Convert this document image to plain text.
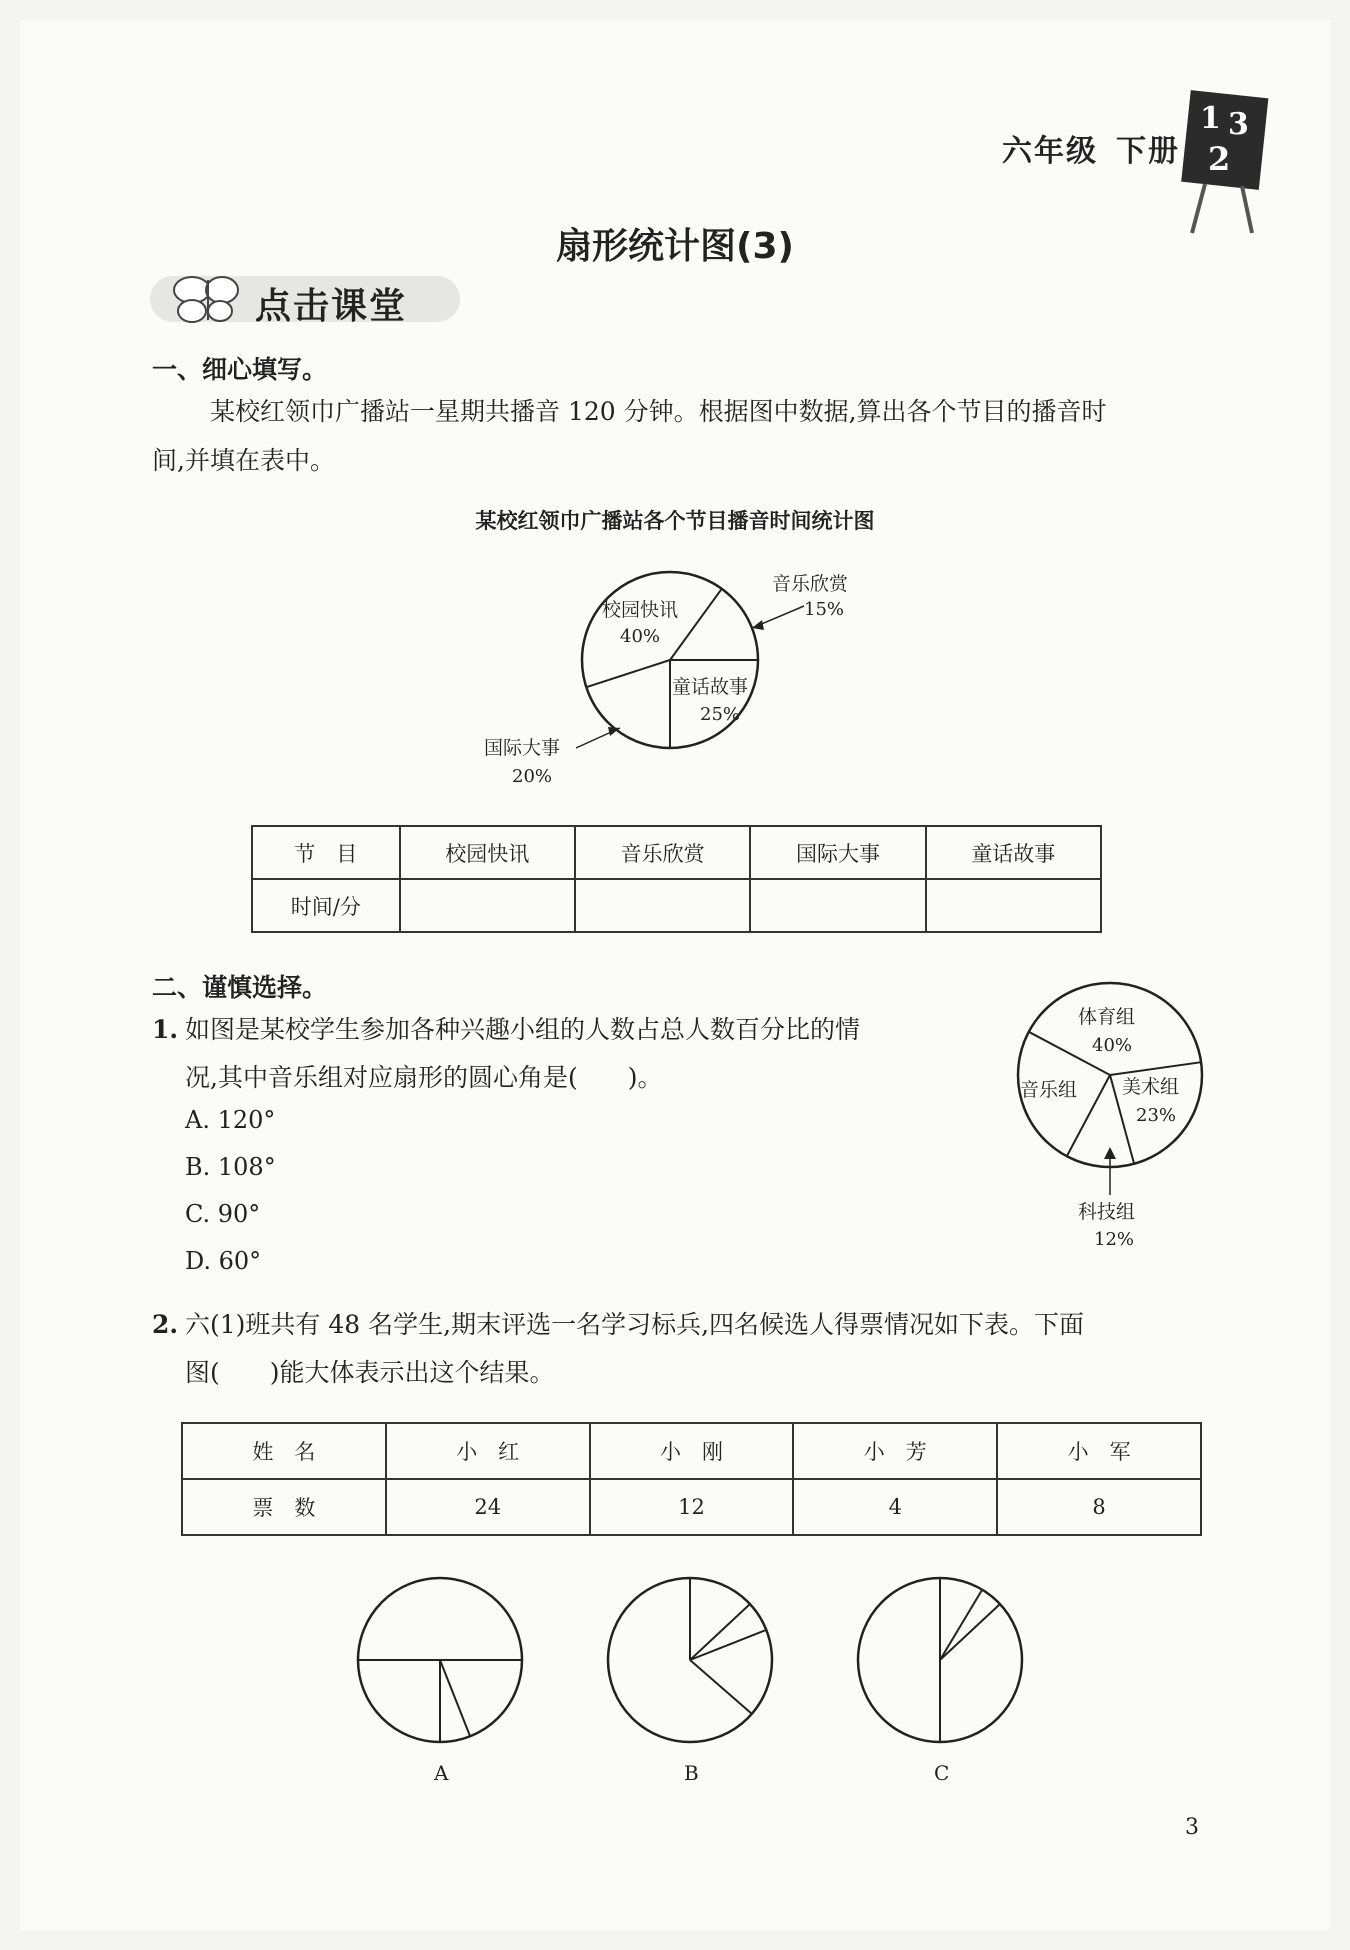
六年级 下册
1 3
2
扇形统计图(3)
点击课堂
一、细心填写。
某校红领巾广播站一星期共播音 120 分钟。根据图中数据,算出各个节目的播音时
间,并填在表中。
某校红领巾广播站各个节目播音时间统计图
校园快讯
40%
音乐欣赏
15%
童话故事
25%
国际大事
20%
节　目	校园快讯	音乐欣赏	国际大事	童话故事
时间/分				
二、谨慎选择。
1. 如图是某校学生参加各种兴趣小组的人数占总人数百分比的情
况,其中音乐组对应扇形的圆心角是(　　)。
A. 120°
B. 108°
C. 90°
D. 60°
体育组
40%
美术组
23%
音乐组
科技组
12%
2. 六(1)班共有 48 名学生,期末评选一名学习标兵,四名候选人得票情况如下表。下面
图(　　)能大体表示出这个结果。
姓　名	小　红	小　刚	小　芳	小　军
票　数	24	12	4	8
A	B	C
3
